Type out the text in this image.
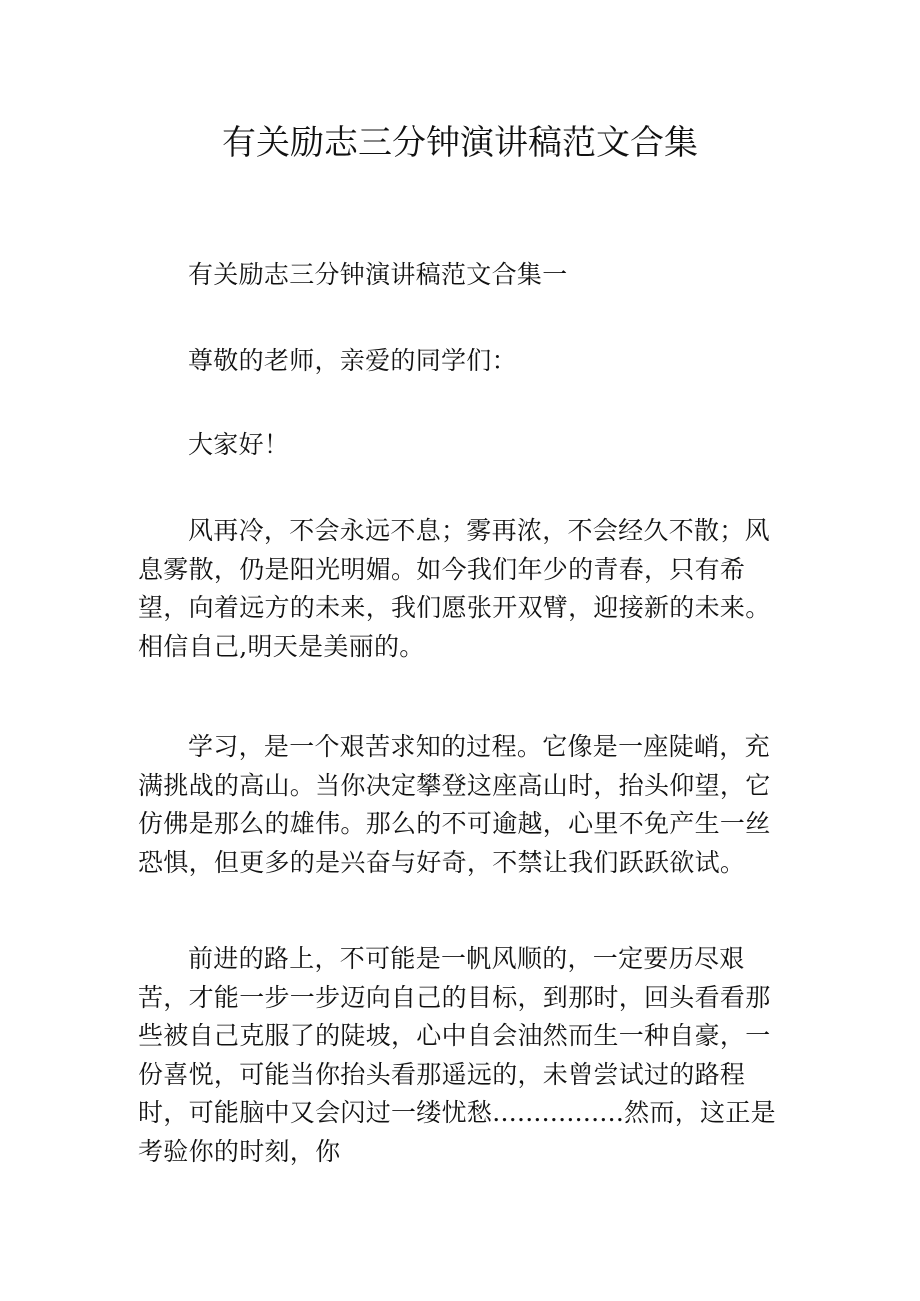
有关励志三分钟演讲稿范文合集

有关励志三分钟演讲稿范文合集一

尊敬的老师，亲爱的同学们：

大家好！

风再冷，不会永远不息；雾再浓，不会经久不散；风息雾散，仍是阳光明媚。如今我们年少的青春，只有希望，向着远方的未来，我们愿张开双臂，迎接新的未来。相信自己,明天是美丽的。

学习，是一个艰苦求知的过程。它像是一座陡峭，充满挑战的高山。当你决定攀登这座高山时，抬头仰望，它仿佛是那么的雄伟。那么的不可逾越，心里不免产生一丝恐惧，但更多的是兴奋与好奇，不禁让我们跃跃欲试。

前进的路上，不可能是一帆风顺的，一定要历尽艰苦，才能一步一步迈向自己的目标，到那时，回头看看那些被自己克服了的陡坡，心中自会油然而生一种自豪，一份喜悦，可能当你抬头看那遥远的，未曾尝试过的路程时，可能脑中又会闪过一缕忧愁................然而，这正是考验你的时刻，你
